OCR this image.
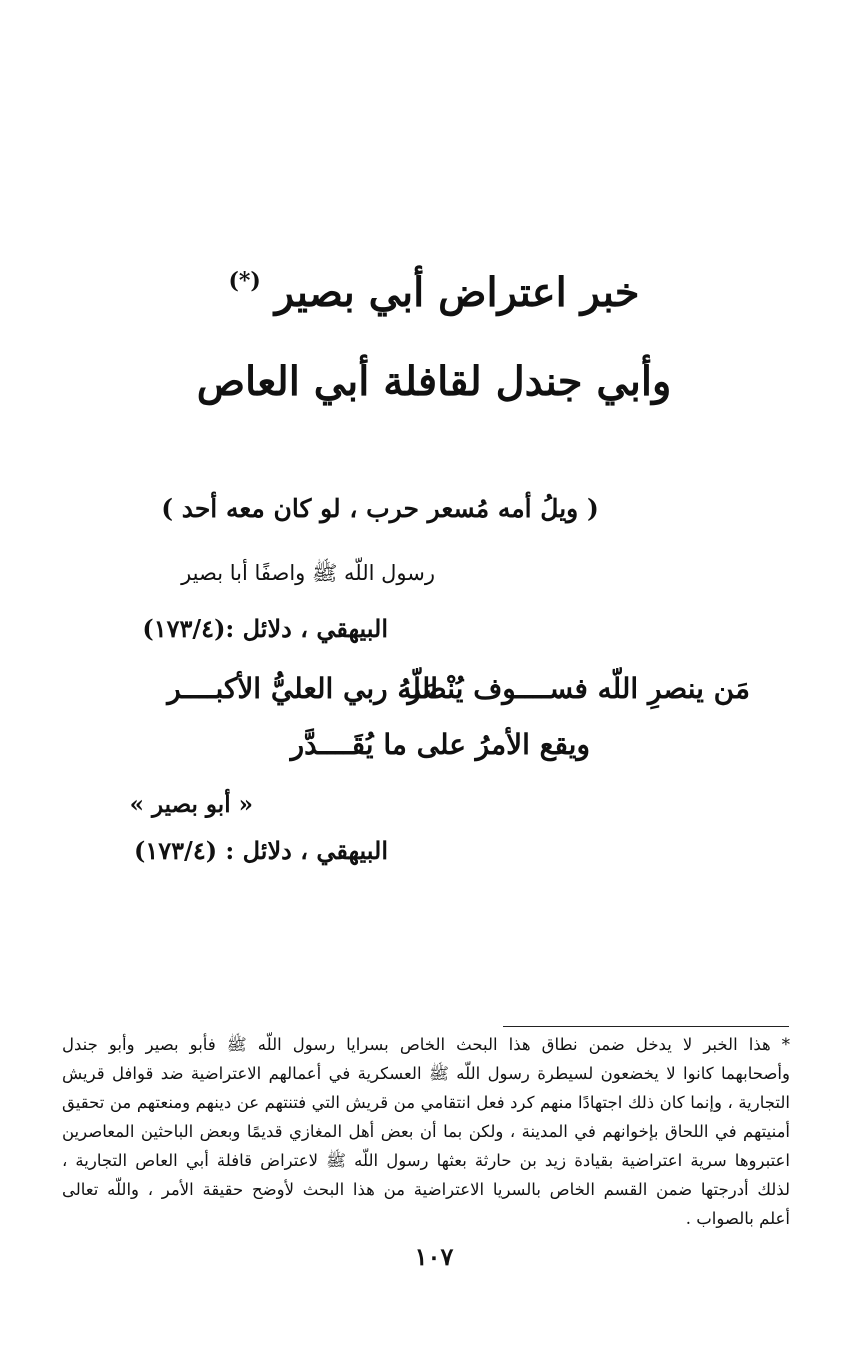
خبر اعتراض أبي بصير (*)
وأبي جندل لقافلة أبي العاص
( ويلُ أمه مُسعر حرب ، لو كان معه أحد )
رسول اللّه ﷺ واصفًا أبا بصير
البيهقي ، دلائل :(١٧٣/٤)
مَن ينصرِ اللّه فســــوف يُنْصَر
اللّهُ ربي العليُّ الأكبــــر
ويقع الأمرُ على ما يُقَــــدَّر
« أبو بصير »
البيهقي ، دلائل : (١٧٣/٤)
* هذا الخبر لا يدخل ضمن نطاق هذا البحث الخاص بسرايا رسول اللّه ﷺ فأبو بصير وأبو جندل
وأصحابهما كانوا لا يخضعون لسيطرة رسول اللّه ﷺ العسكرية في أعمالهم الاعتراضية ضد قوافل قريش
التجارية ، وإنما كان ذلك اجتهادًا منهم كرد فعل انتقامي من قريش التي فتنتهم عن دينهم ومنعتهم من تحقيق
أمنيتهم في اللحاق بإخوانهم في المدينة ، ولكن بما أن بعض أهل المغازي قديمًا وبعض الباحثين المعاصرين
اعتبروها سرية اعتراضية بقيادة زيد بن حارثة بعثها رسول اللّه ﷺ لاعتراض قافلة أبي العاص التجارية ،
لذلك أدرجتها ضمن القسم الخاص بالسريا الاعتراضية من هذا البحث لأوضح حقيقة الأمر ، واللّه تعالى
أعلم بالصواب .
١٠٧
